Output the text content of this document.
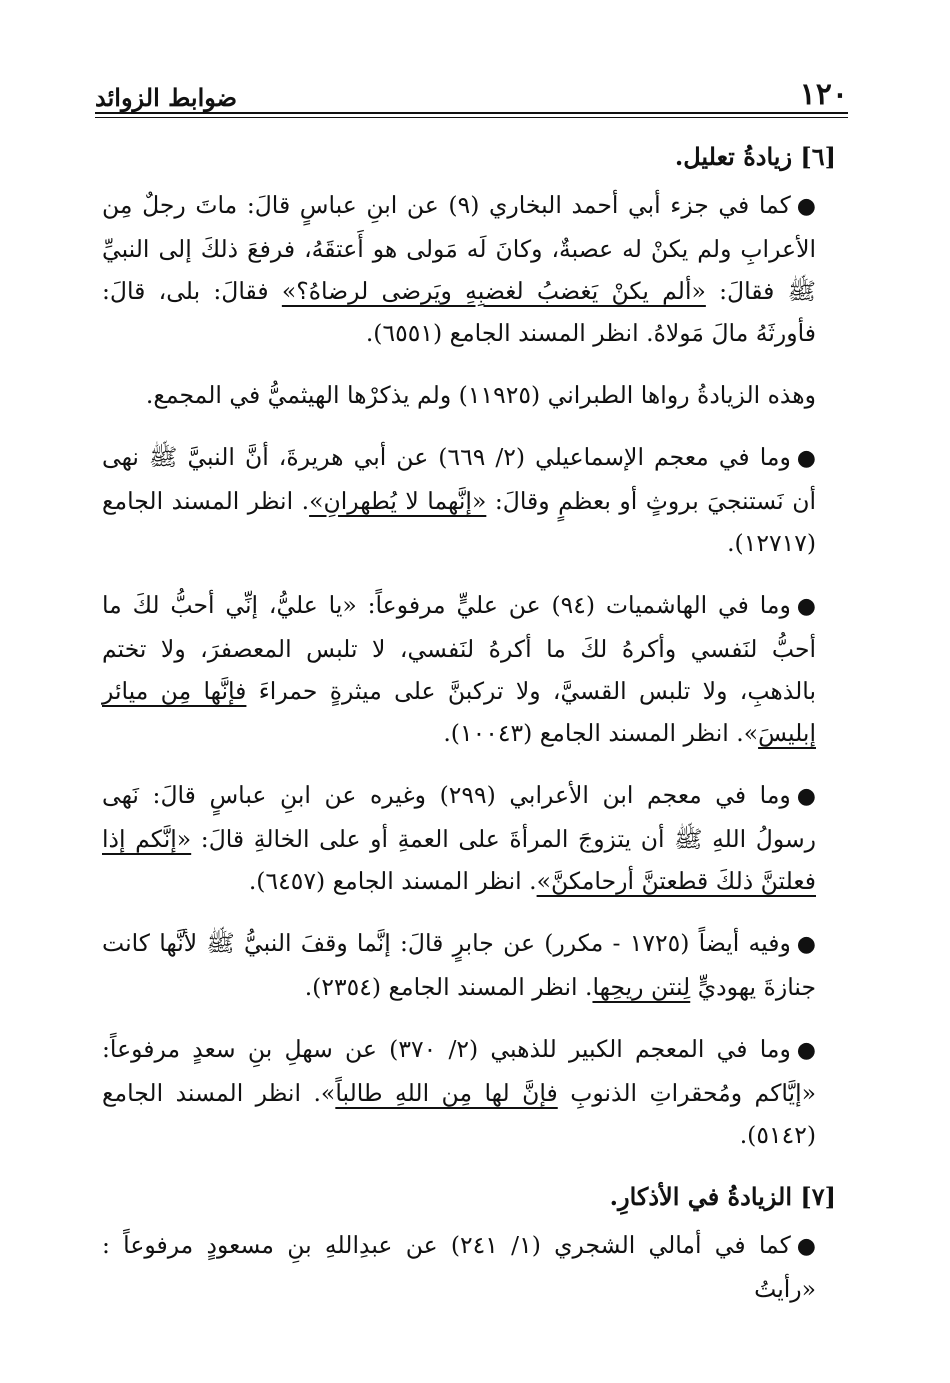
١٢٠
ضوابط الزوائد
[٦] زيادةُ تعليل.

●كما في جزء أبي أحمد البخاري (٩) عن ابنِ عباسٍ قالَ: ماتَ رجلٌ مِن الأعرابِ ولم يكنْ له عصبةٌ، وكانَ لَه مَولى هو أَعتقَهُ، فرفعَ ذلكَ إلى النبيِّ ﷺ فقالَ: «ألم يكنْ يَغضبُ لغضبِهِ ويَرضى لرضاهُ؟» فقالَ: بلى، قالَ: فأورثَهُ مالَ مَولاهُ. انظر المسند الجامع (٦٥٥١).

وهذه الزيادةُ رواها الطبراني (١١٩٢٥) ولم يذكرْها الهيثميُّ في المجمع.

●وما في معجم الإسماعيلي (٢/ ٦٦٩) عن أبي هريرةَ، أنَّ النبيَّ ﷺ نهى أن نَستنجيَ بروثٍ أو بعظمٍ وقالَ: «إنَّهما لا يُطهرانِ». انظر المسند الجامع (١٢٧١٧).

●وما في الهاشميات (٩٤) عن عليٍّ مرفوعاً: «يا عليُّ، إنِّي أحبُّ لكَ ما أحبُّ لنَفسي وأكرهُ لكَ ما أكرهُ لنَفسي، لا تلبس المعصفرَ، ولا تختم بالذهبِ، ولا تلبس القسيَّ، ولا تركبنَّ على ميثرةٍ حمراءَ فإنَّها مِن ميائر إبليسَ». انظر المسند الجامع (١٠٠٤٣).

●وما في معجم ابن الأعرابي (٢٩٩) وغيره عن ابنِ عباسٍ قالَ: نَهى رسولُ اللهِ ﷺ أن يتزوجَ المرأةَ على العمةِ أو على الخالةِ قالَ: «إنَّكم إذا فعلتنَّ ذلكَ قطعتنَّ أرحامكنَّ». انظر المسند الجامع (٦٤٥٧).

●وفيه أيضاً (١٧٢٥ - مكرر) عن جابرٍ قالَ: إنَّما وقفَ النبيُّ ﷺ لأنَّها كانت جنازةَ يهوديٍّ لِنتن ريحِها. انظر المسند الجامع (٢٣٥٤).

●وما في المعجم الكبير للذهبي (٢/ ٣٧٠) عن سهلِ بنِ سعدٍ مرفوعاً: «إيَّاكم ومُحقراتِ الذنوبِ فإنَّ لها مِن اللهِ طالباً». انظر المسند الجامع (٥١٤٢).

[٧] الزيادةُ في الأذكارِ.

●كما في أمالي الشجري (١/ ٢٤١) عن عبدِاللهِ بنِ مسعودٍ مرفوعاً : «رأيتُ
